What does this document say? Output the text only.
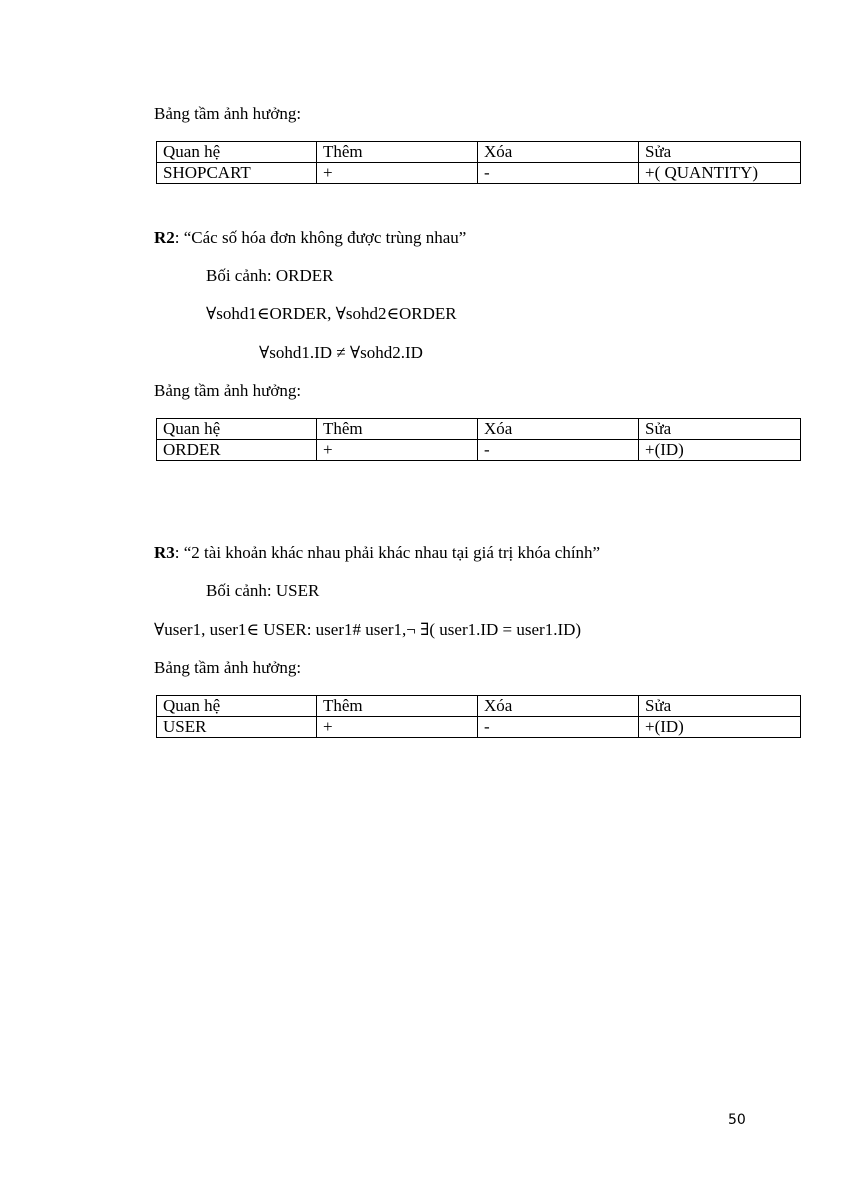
Bảng tầm ảnh hưởng:
Quan hệ	Thêm	Xóa	Sửa
SHOPCART	+	-	+( QUANTITY)
R2: “Các số hóa đơn không được trùng nhau”
Bối cảnh: ORDER
∀sohd1∈ORDER, ∀sohd2∈ORDER
∀sohd1.ID ≠ ∀sohd2.ID
Bảng tầm ảnh hưởng:
Quan hệ	Thêm	Xóa	Sửa
ORDER	+	-	+(ID)
R3: “2 tài khoản khác nhau phải khác nhau tại giá trị khóa chính”
Bối cảnh: USER
∀user1, user1∈ USER: user1# user1,¬ ∃( user1.ID = user1.ID)
Bảng tầm ảnh hưởng:
Quan hệ	Thêm	Xóa	Sửa
USER	+	-	+(ID)
50
